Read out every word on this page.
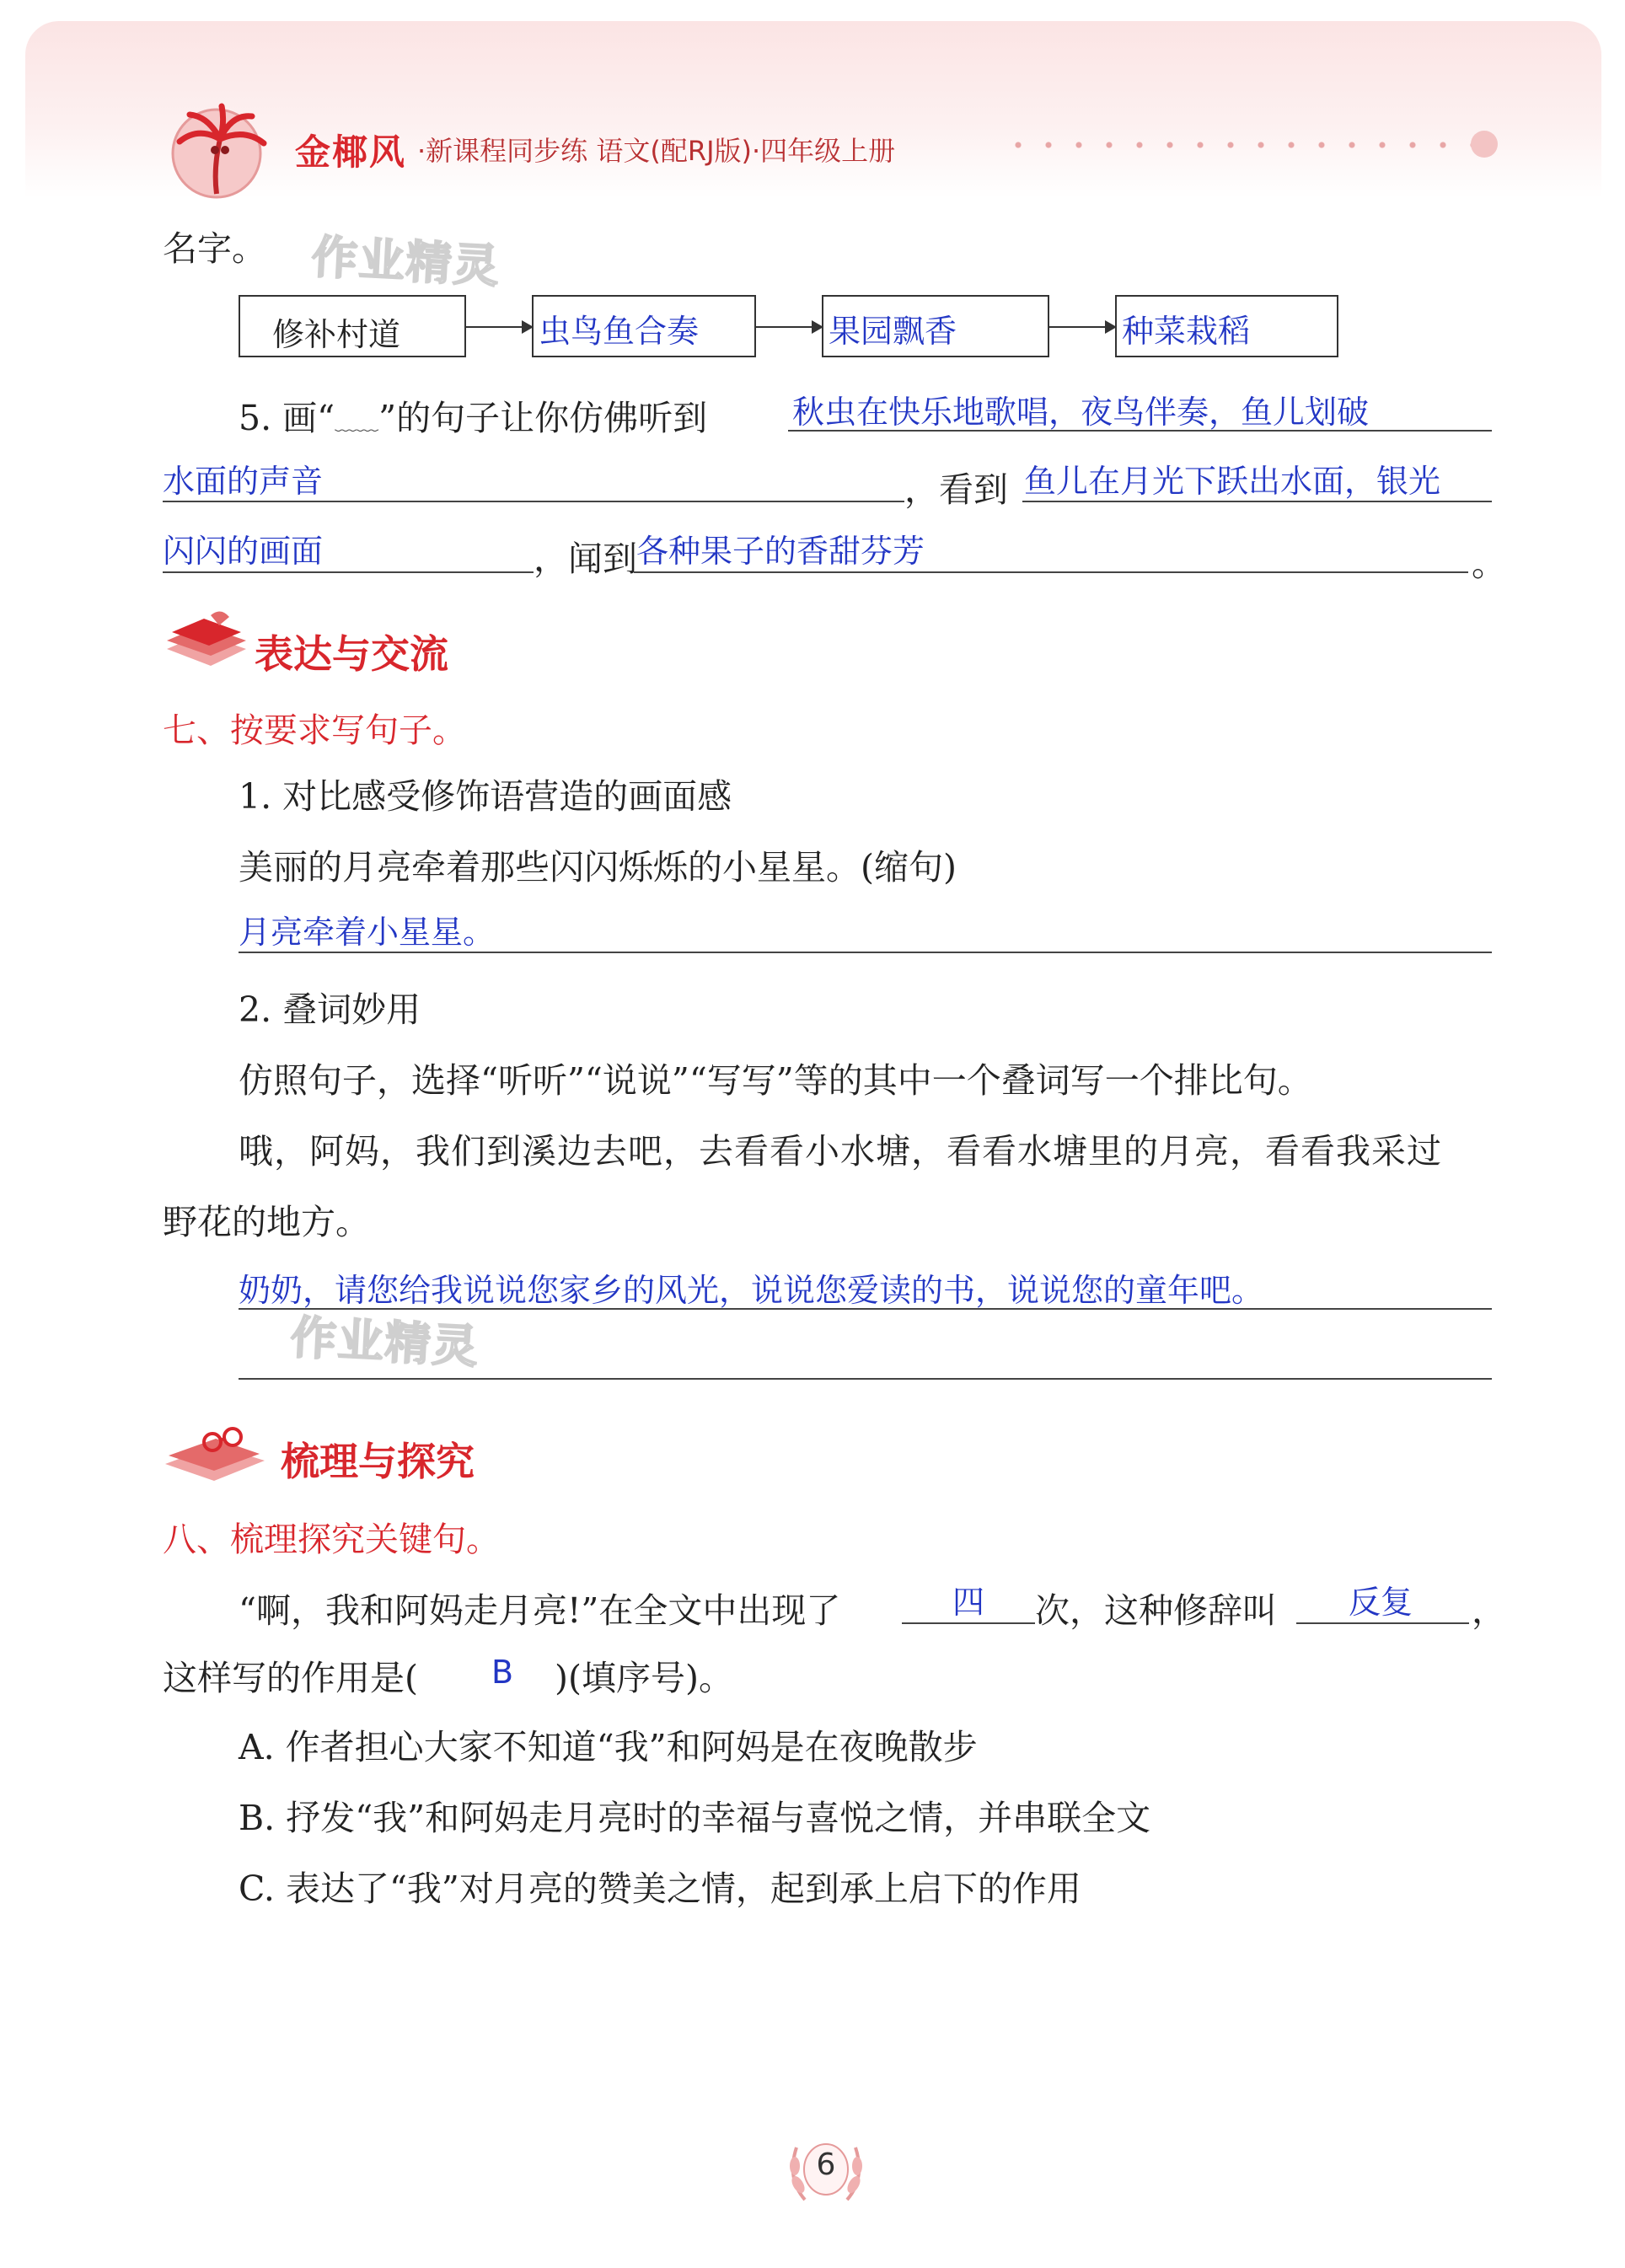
金椰风 ·新课程同步练 语文(配RJ版)·四年级上册
名字。 作业精灵
修补村道	虫鸟鱼合奏	果园飘香	种菜栽稻
5. 画“﹏﹏”的句子让你仿佛听到	秋虫在快乐地歌唱，夜鸟伴奏，鱼儿划破
水面的声音	，看到 鱼儿在月光下跃出水面，银光
闪闪的画面	，闻到 各种果子的香甜芬芳	。
表达与交流
七、按要求写句子。
1. 对比感受修饰语营造的画面感
美丽的月亮牵着那些闪闪烁烁的小星星。(缩句)
月亮牵着小星星。
2. 叠词妙用
仿照句子，选择“听听”“说说”“写写”等的其中一个叠词写一个排比句。
哦，阿妈，我们到溪边去吧，去看看小水塘，看看水塘里的月亮，看看我采过
野花的地方。
奶奶，请您给我说说您家乡的风光，说说您爱读的书，说说您的童年吧。
作业精灵
梳理与探究
八、梳理探究关键句。
“啊，我和阿妈走月亮!”在全文中出现了	四 次，这种修辞叫 反复 ，
这样写的作用是( B )(填序号)。
A. 作者担心大家不知道“我”和阿妈是在夜晚散步
B. 抒发“我”和阿妈走月亮时的幸福与喜悦之情，并串联全文
C. 表达了“我”对月亮的赞美之情，起到承上启下的作用
6
